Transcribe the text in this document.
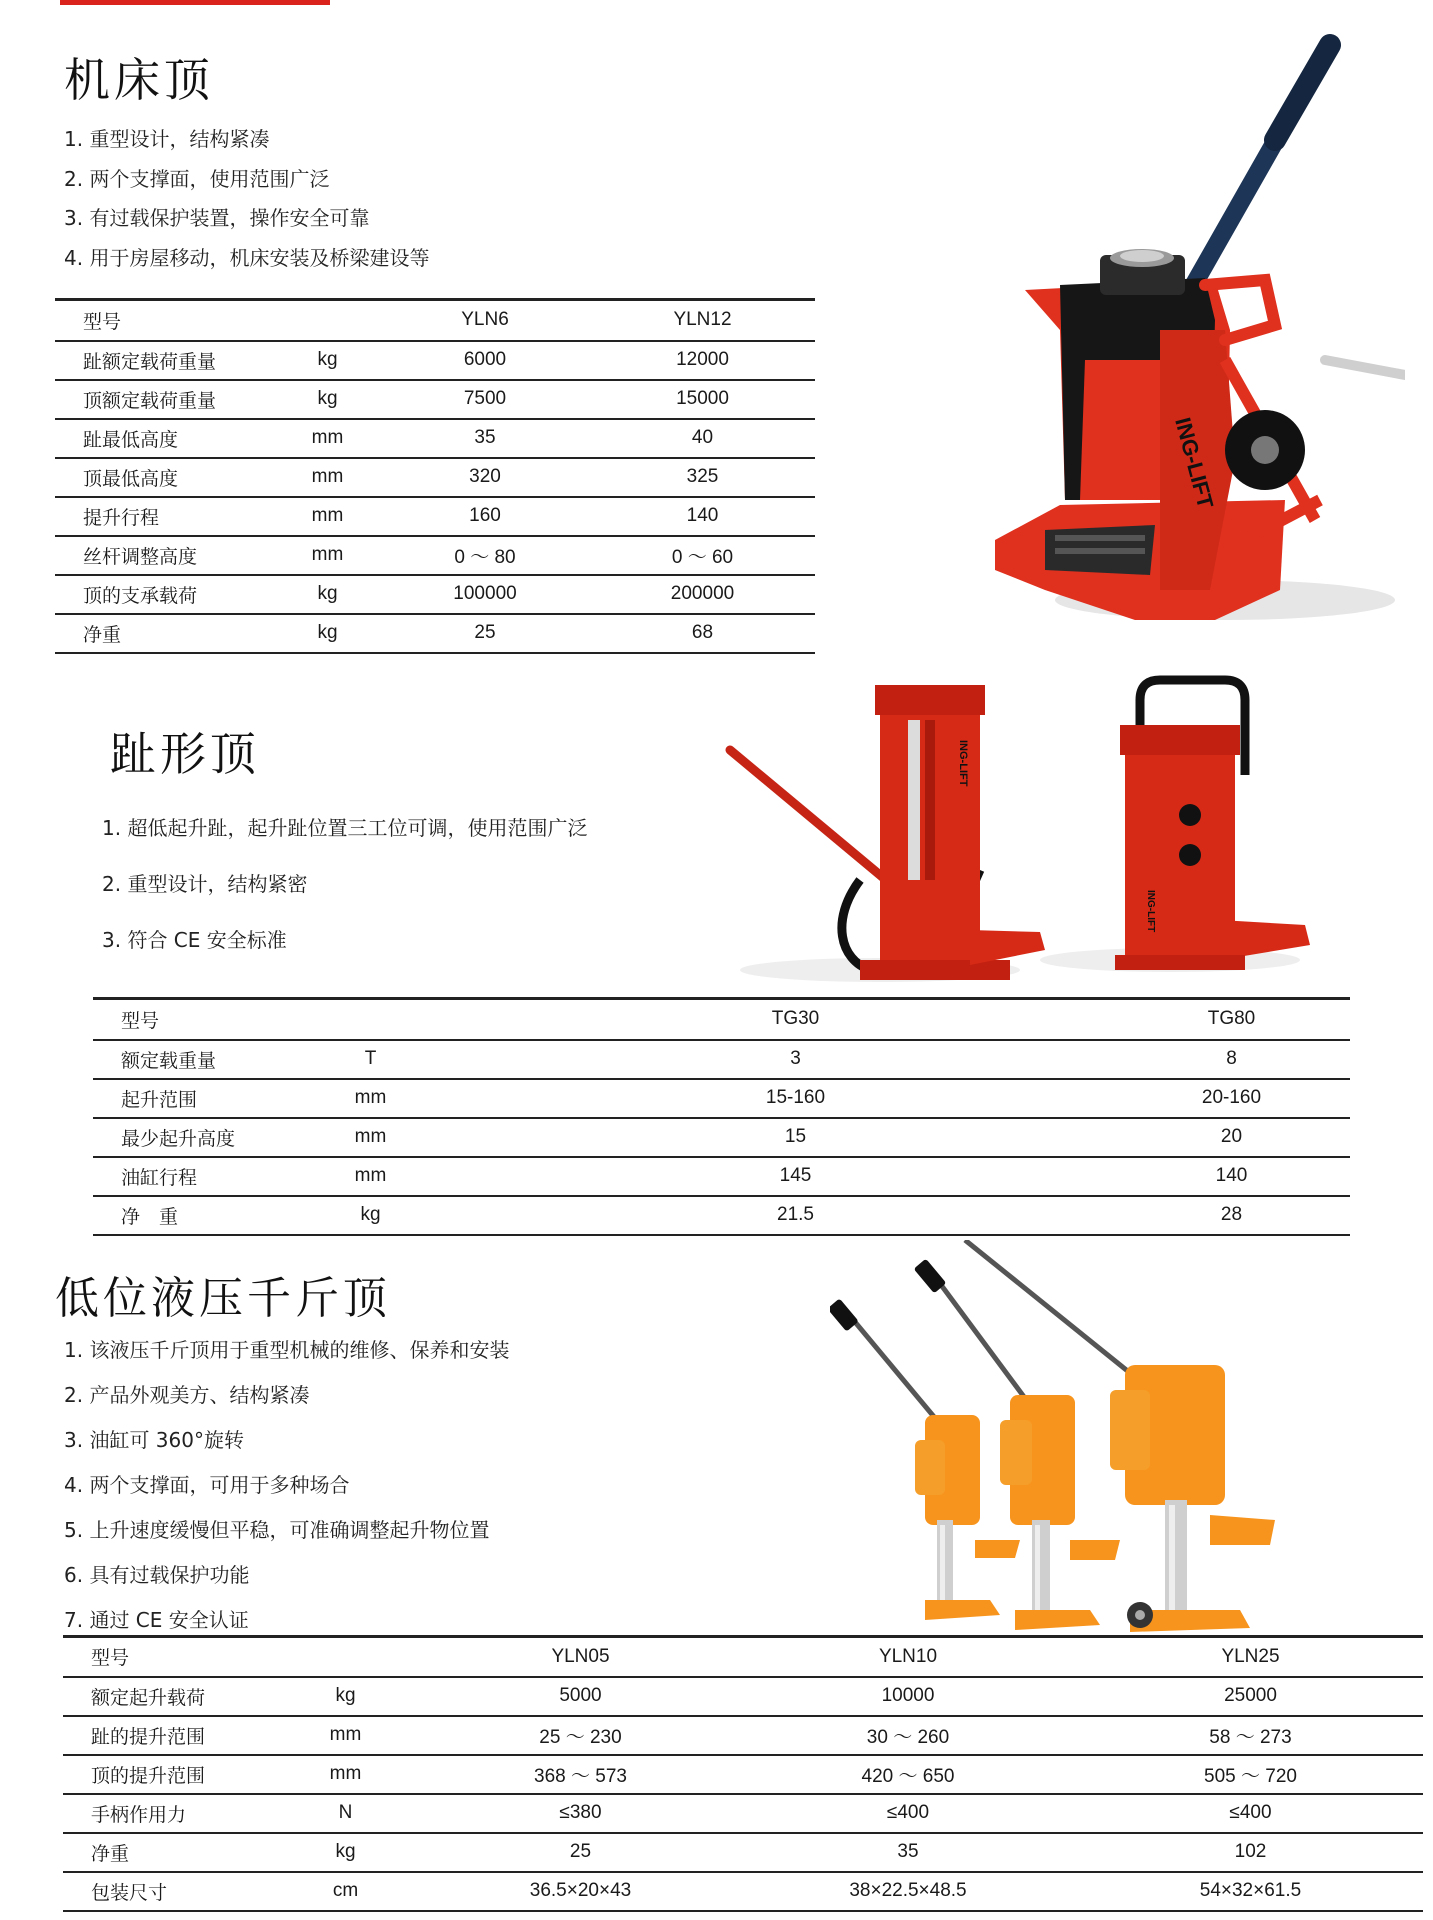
机床顶
1. 重型设计，结构紧凑
2. 两个支撑面，使用范围广泛
3. 有过载保护装置，操作安全可靠
4. 用于房屋移动，机床安装及桥梁建设等
型号		YLN6	YLN12
趾额定载荷重量	kg	6000	12000
顶额定载荷重量	kg	7500	15000
趾最低高度	mm	35	40
顶最低高度	mm	320	325
提升行程	mm	160	140
丝杆调整高度	mm	0 ～ 80	0 ～ 60
顶的支承载荷	kg	100000	200000
净重	kg	25	68
ING-LIFT
趾形顶
1. 超低起升趾，起升趾位置三工位可调，使用范围广泛
2. 重型设计，结构紧密
3. 符合 CE 安全标准
ING-LIFT
ING-LIFT
型号		TG30	TG80
额定载重量	T	3	8
起升范围	mm	15-160	20-160
最少起升高度	mm	15	20
油缸行程	mm	145	140
净　重	kg	21.5	28
低位液压千斤顶
1. 该液压千斤顶用于重型机械的维修、保养和安装
2. 产品外观美方、结构紧凑
3. 油缸可 360°旋转
4. 两个支撑面，可用于多种场合
5. 上升速度缓慢但平稳，可准确调整起升物位置
6. 具有过载保护功能
7. 通过 CE 安全认证
型号		YLN05	YLN10	YLN25
额定起升载荷	kg	5000	10000	25000
趾的提升范围	mm	25 ～ 230	30 ～ 260	58 ～ 273
顶的提升范围	mm	368 ～ 573	420 ～ 650	505 ～ 720
手柄作用力	N	≤380	≤400	≤400
净重	kg	25	35	102
包装尺寸	cm	36.5×20×43	38×22.5×48.5	54×32×61.5
